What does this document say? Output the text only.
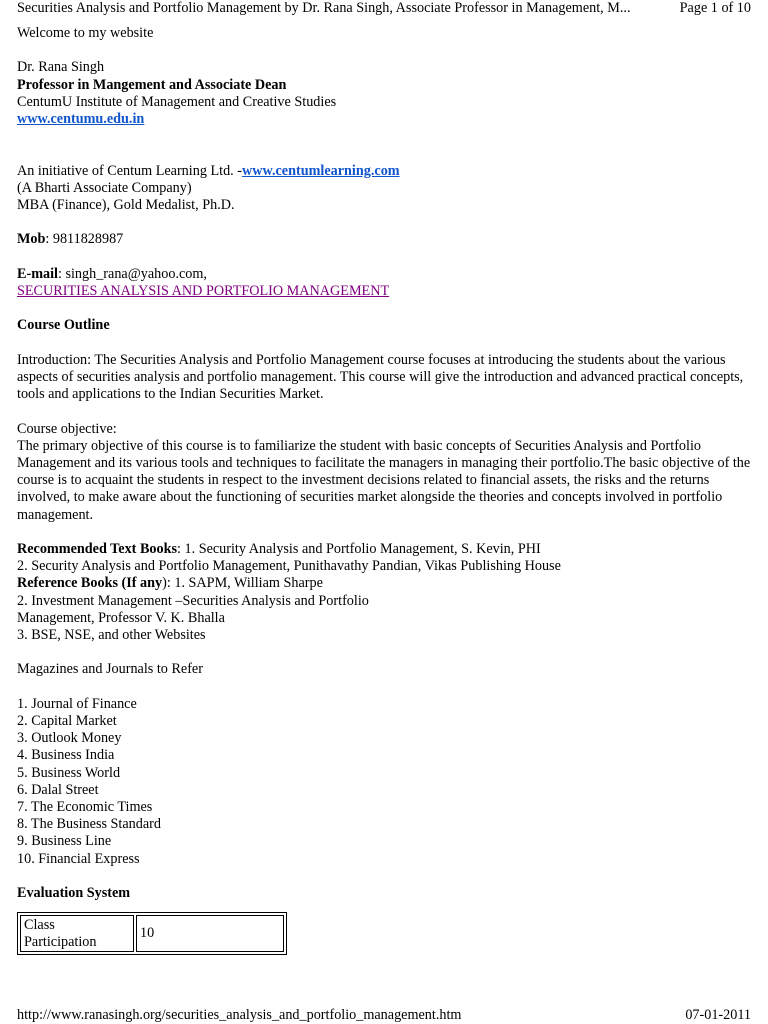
Securities Analysis and Portfolio Management by Dr. Rana Singh, Associate Professor in Management, M...	Page 1 of 10

Welcome to my website

Dr. Rana Singh

Professor in Mangement and Associate Dean

CentumU Institute of Management and Creative Studies

www.centumu.edu.in

An initiative of Centum Learning Ltd. -www.centumlearning.com

(A Bharti Associate Company)

MBA (Finance), Gold Medalist, Ph.D.

Mob: 9811828987

E-mail: singh_rana@yahoo.com,

SECURITIES ANALYSIS AND PORTFOLIO MANAGEMENT

Course Outline

Introduction: The Securities Analysis and Portfolio Management course focuses at introducing the students about the various aspects of securities analysis and portfolio management. This course will give the introduction and advanced practical concepts, tools and applications to the Indian Securities Market.

Course objective:

The primary objective of this course is to familiarize the student with basic concepts of Securities Analysis and Portfolio Management and its various tools and techniques to facilitate the managers in managing their portfolio.The basic objective of the course is to acquaint the students in respect to the investment decisions related to financial assets, the risks and the returns involved, to make aware about the functioning of securities market alongside the theories and concepts involved in portfolio management.

Recommended Text Books: 1. Security Analysis and Portfolio Management, S. Kevin, PHI

2. Security Analysis and Portfolio Management, Punithavathy Pandian, Vikas Publishing House

Reference Books (If any): 1. SAPM, William Sharpe

2. Investment Management –Securities Analysis and Portfolio

Management, Professor V. K. Bhalla

3. BSE, NSE, and other Websites

Magazines and Journals to Refer

1. Journal of Finance

2. Capital Market

3. Outlook Money

4. Business India

5. Business World

6. Dalal Street

7. The Economic Times

8. The Business Standard

9. Business Line

10. Financial Express

Evaluation System

Class Participation	10
http://www.ranasingh.org/securities_analysis_and_portfolio_management.htm	07-01-2011
